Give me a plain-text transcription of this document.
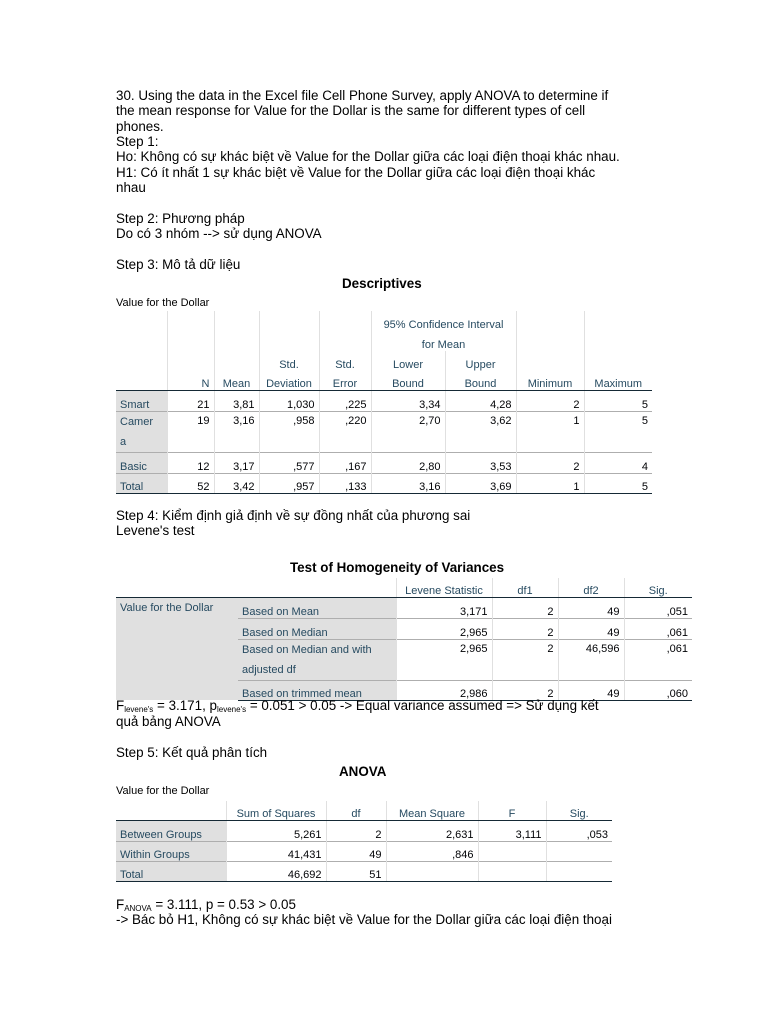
30. Using the data in the Excel file Cell Phone Survey, apply ANOVA to determine if
the mean response for Value for the Dollar is the same for different types of cell
phones.
Step 1:
Ho: Không có sự khác biệt về Value for the Dollar giữa các loại điện thoại khác nhau.
H1: Có ít nhất 1 sự khác biệt về Value for the Dollar giữa các loại điện thoại khác
nhau
Step 2: Phương pháp
Do có 3 nhóm --> sử dụng ANOVA
Step 3: Mô tả dữ liệu
Descriptives
Value for the Dollar
					95% Confidence Interval			
					for Mean			
			Std.	Std.	Lower	Upper		
	N	Mean	Deviation	Error	Bound	Bound	Minimum	Maximum
Smart	21	3,81	1,030	,225	3,34	4,28	2	5
Camer
a	19	3,16	,958	,220	2,70	3,62	1	5
Basic	12	3,17	,577	,167	2,80	3,53	2	4
Total	52	3,42	,957	,133	3,16	3,69	1	5
Step 4: Kiểm định giả định về sự đồng nhất của phương sai
Levene's test
Test of Homogeneity of Variances
		Levene Statistic	df1	df2	Sig.
Value for the Dollar	Based on Mean	3,171	2	49	,051
	Based on Median	2,965	2	49	,061
	Based on Median and with
adjusted df	2,965	2	46,596	,061
	Based on trimmed mean	2,986	2	49	,060
$F_{levene's} = 3.171$, $p_{levene's} = 0.051 > 0.05$ -> Equal variance assumed => Sử dụng kết
quả bảng ANOVA
Step 5: Kết quả phân tích
ANOVA
Value for the Dollar
	Sum of Squares	df	Mean Square	F	Sig.
Between Groups	5,261	2	2,631	3,111	,053
Within Groups	41,431	49	,846		
Total	46,692	51			
$F_{ANOVA} = 3.111$, p = 0.53 > 0.05
-> Bác bỏ H1, Không có sự khác biệt về Value for the Dollar giữa các loại điện thoại
